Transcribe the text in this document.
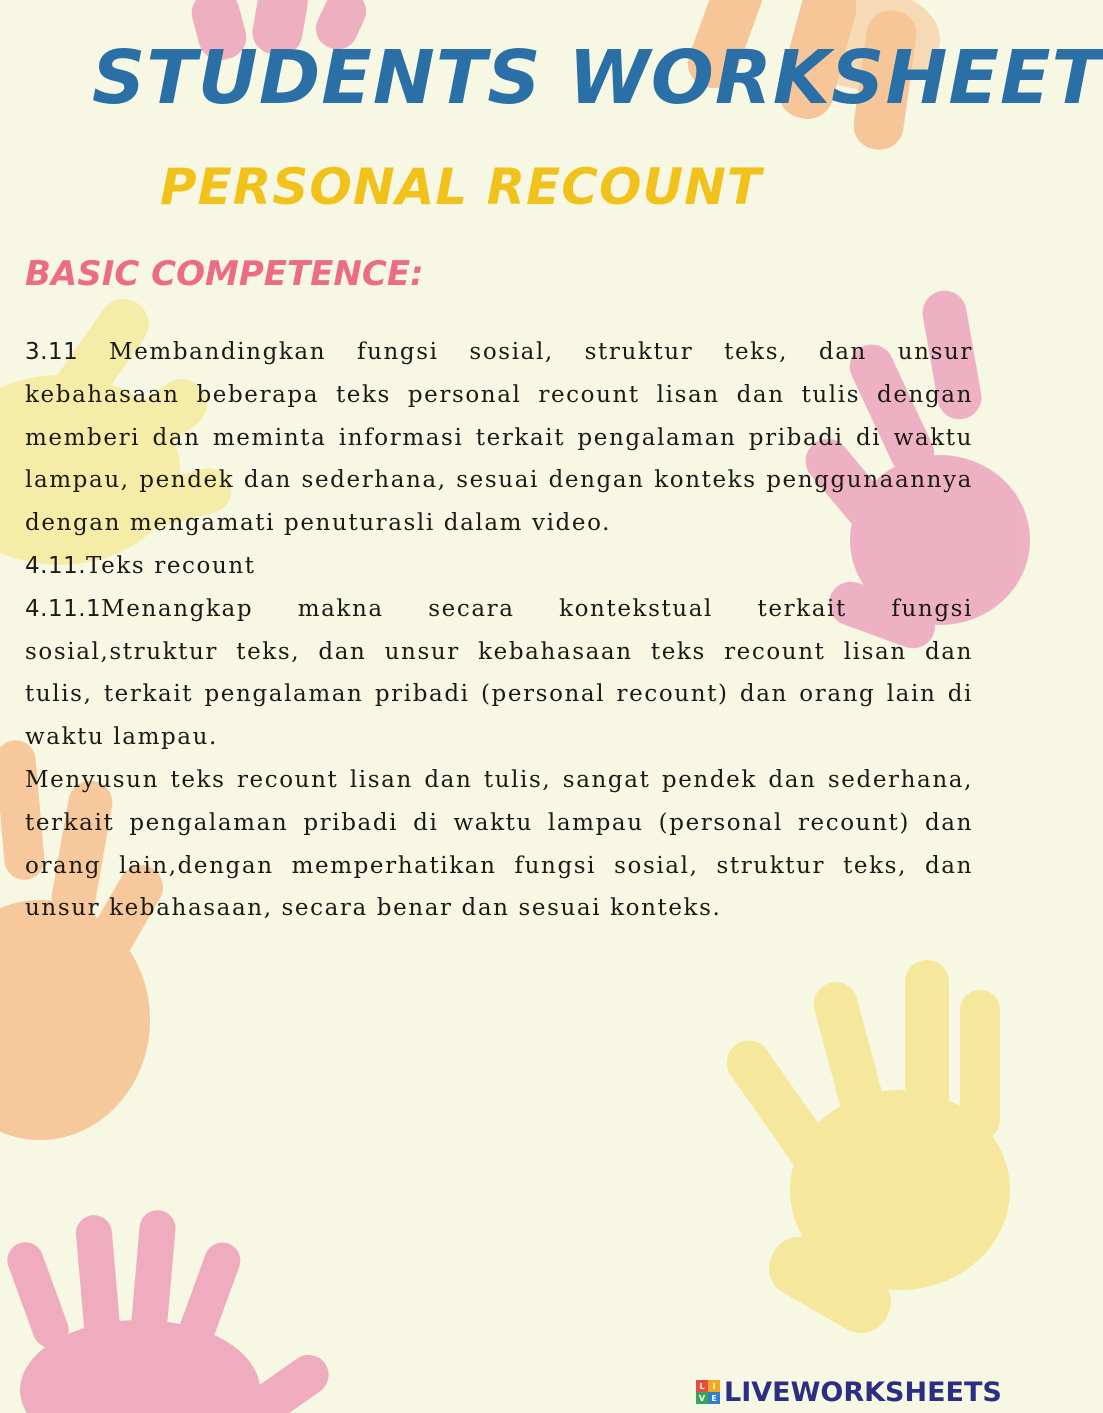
STUDENTS WORKSHEET
PERSONAL RECOUNT
BASIC COMPETENCE:

3.11 Membandingkan fungsi sosial, struktur teks, dan unsur kebahasaan beberapa teks personal recount lisan dan tulis dengan memberi dan meminta informasi terkait pengalaman pribadi di waktu lampau, pendek dan sederhana, sesuai dengan konteks penggunaannya dengan mengamati penuturasli dalam video.

4.11.Teks recount

4.11.1Menangkap makna secara kontekstual terkait fungsi sosial,struktur teks, dan unsur kebahasaan teks recount lisan dan tulis, terkait pengalaman pribadi (personal recount) dan orang lain di waktu lampau.

Menyusun teks recount lisan dan tulis, sangat pendek dan sederhana, terkait pengalaman pribadi di waktu lampau (personal recount) dan orang lain,dengan memperhatikan fungsi sosial, struktur teks, dan unsur kebahasaan, secara benar dan sesuai konteks.

L I
V E LIVEWORKSHEETS
